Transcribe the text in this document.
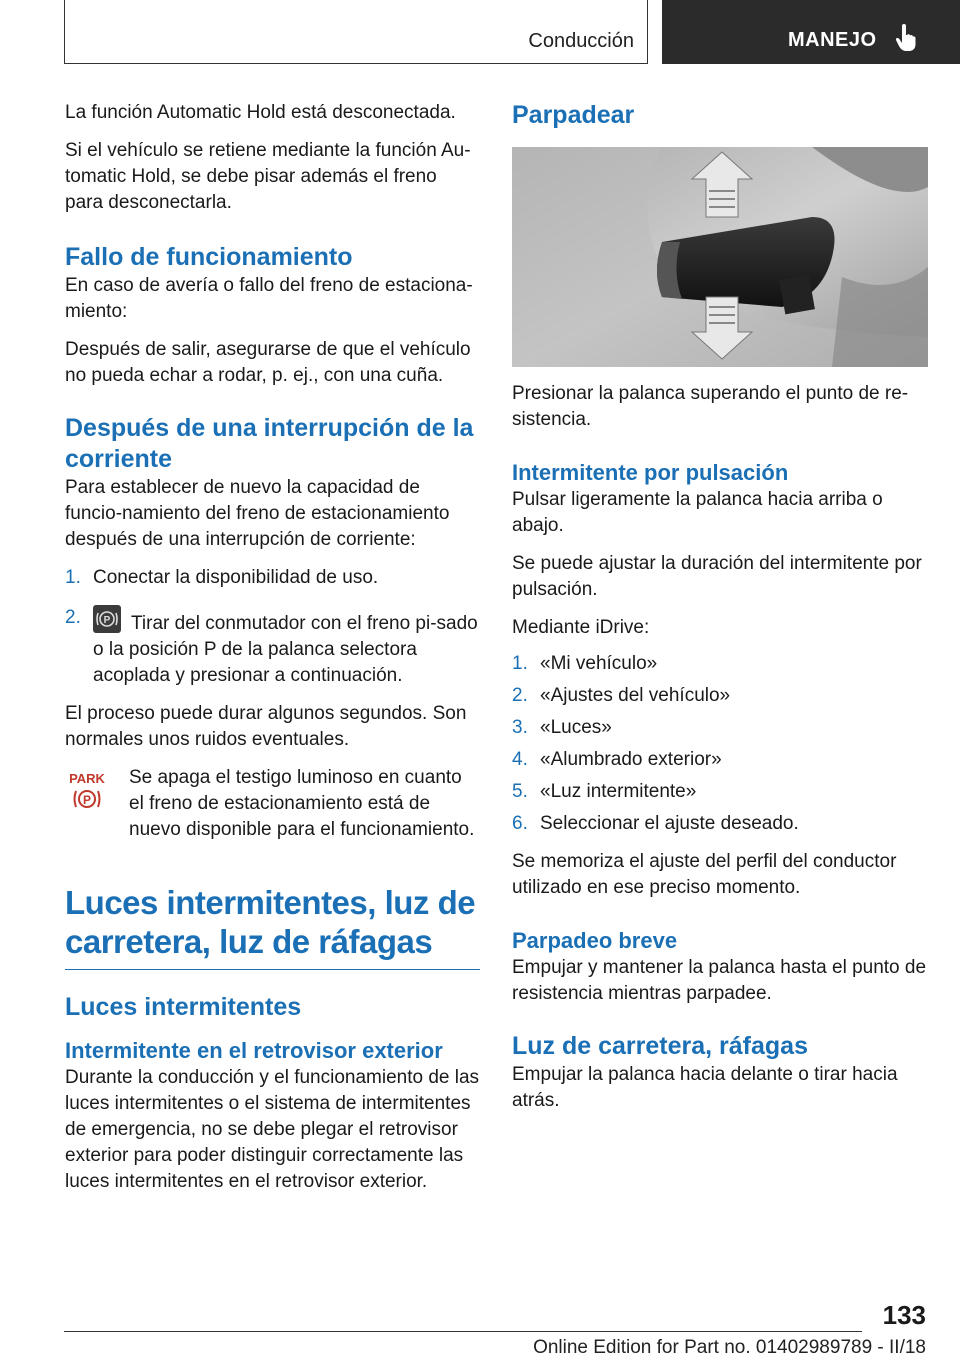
Conducción	MANEJO

La función Automatic Hold está desconectada.

Si el vehículo se retiene mediante la función Au-tomatic Hold, se debe pisar además el freno para desconectarla.

Fallo de funcionamiento

En caso de avería o fallo del freno de estaciona-miento:

Después de salir, asegurarse de que el vehículo no pueda echar a rodar, p. ej., con una cuña.

Después de una interrupción de la corriente

Para establecer de nuevo la capacidad de funcio-namiento del freno de estacionamiento después de una interrupción de corriente:

1. Conectar la disponibilidad de uso.
2.	P Tirar del conmutador con el freno pi-sado o la posición P de la palanca selectora acoplada y presionar a continuación.

El proceso puede durar algunos segundos. Son normales unos ruidos eventuales.

PARK
P

Se apaga el testigo luminoso en cuanto el freno de estacionamiento está de nuevo disponible para el funcionamiento.

Luces intermitentes, luz de carretera, luz de ráfagas
Luces intermitentes
Intermitente en el retrovisor exterior

Durante la conducción y el funcionamiento de las luces intermitentes o el sistema de intermitentes de emergencia, no se debe plegar el retrovisor exterior para poder distinguir correctamente las luces intermitentes en el retrovisor exterior.

Parpadear

Presionar la palanca superando el punto de re-sistencia.

Intermitente por pulsación

Pulsar ligeramente la palanca hacia arriba o abajo.

Se puede ajustar la duración del intermitente por pulsación.

Mediante iDrive:

1. «Mi vehículo»
2. «Ajustes del vehículo»
3. «Luces»
4. «Alumbrado exterior»
5. «Luz intermitente»
6. Seleccionar el ajuste deseado.

Se memoriza el ajuste del perfil del conductor utilizado en ese preciso momento.

Parpadeo breve

Empujar y mantener la palanca hasta el punto de resistencia mientras parpadee.

Luz de carretera, ráfagas

Empujar la palanca hacia delante o tirar hacia atrás.

133
Online Edition for Part no. 01402989789 - II/18
